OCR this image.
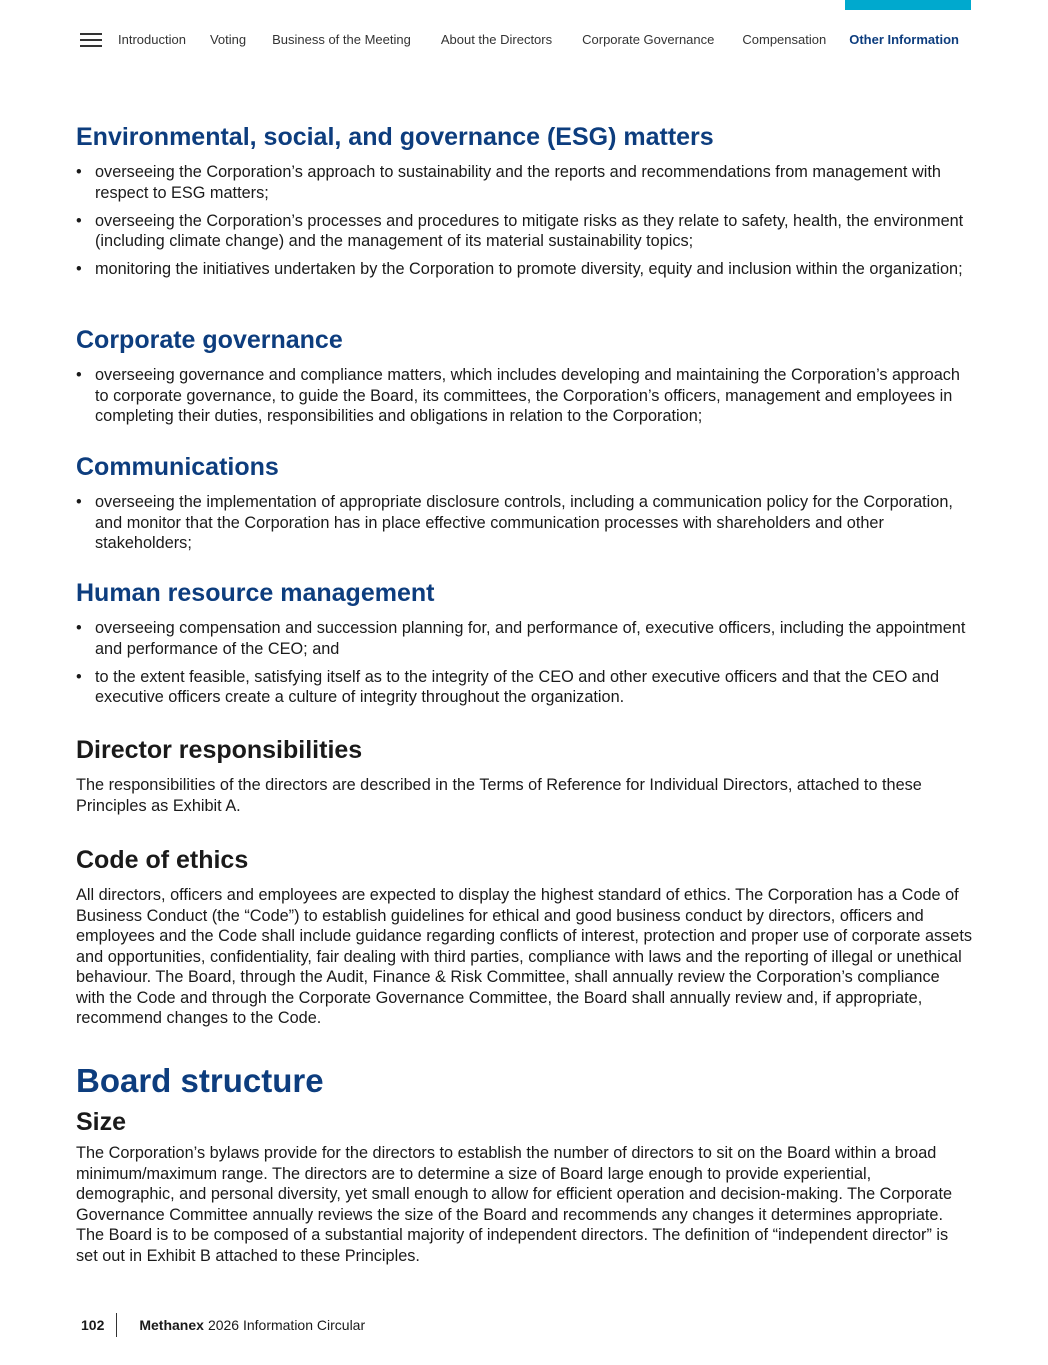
Introduction Voting Business of the Meeting About the Directors Corporate Governance Compensation Other Information
Environmental, social, and governance (ESG) matters
• overseeing the Corporation’s approach to sustainability and the reports and recommendations from management with respect to ESG matters;
• overseeing the Corporation’s processes and procedures to mitigate risks as they relate to safety, health, the environment (including climate change) and the management of its material sustainability topics;
• monitoring the initiatives undertaken by the Corporation to promote diversity, equity and inclusion within the organization;
Corporate governance
• overseeing governance and compliance matters, which includes developing and maintaining the Corporation’s approach to corporate governance, to guide the Board, its committees, the Corporation’s officers, management and employees in completing their duties, responsibilities and obligations in relation to the Corporation;
Communications
• overseeing the implementation of appropriate disclosure controls, including a communication policy for the Corporation, and monitor that the Corporation has in place effective communication processes with shareholders and other stakeholders;
Human resource management
• overseeing compensation and succession planning for, and performance of, executive officers, including the appointment and performance of the CEO; and
• to the extent feasible, satisfying itself as to the integrity of the CEO and other executive officers and that the CEO and executive officers create a culture of integrity throughout the organization.
Director responsibilities

The responsibilities of the directors are described in the Terms of Reference for Individual Directors, attached to these Principles as Exhibit A.

Code of ethics

All directors, officers and employees are expected to display the highest standard of ethics. The Corporation has a Code of Business Conduct (the “Code”) to establish guidelines for ethical and good business conduct by directors, officers and employees and the Code shall include guidance regarding conflicts of interest, protection and proper use of corporate assets and opportunities, confidentiality, fair dealing with third parties, compliance with laws and the reporting of illegal or unethical behaviour. The Board, through the Audit, Finance & Risk Committee, shall annually review the Corporation’s compliance with the Code and through the Corporate Governance Committee, the Board shall annually review and, if appropriate, recommend changes to the Code.

Board structure
Size

The Corporation’s bylaws provide for the directors to establish the number of directors to sit on the Board within a broad minimum/maximum range. The directors are to determine a size of Board large enough to provide experiential, demographic, and personal diversity, yet small enough to allow for efficient operation and decision-making. The Corporate Governance Committee annually reviews the size of the Board and recommends any changes it determines appropriate. The Board is to be composed of a substantial majority of independent directors. The definition of “independent director” is set out in Exhibit B attached to these Principles.

102	Methanex 2026 Information Circular
